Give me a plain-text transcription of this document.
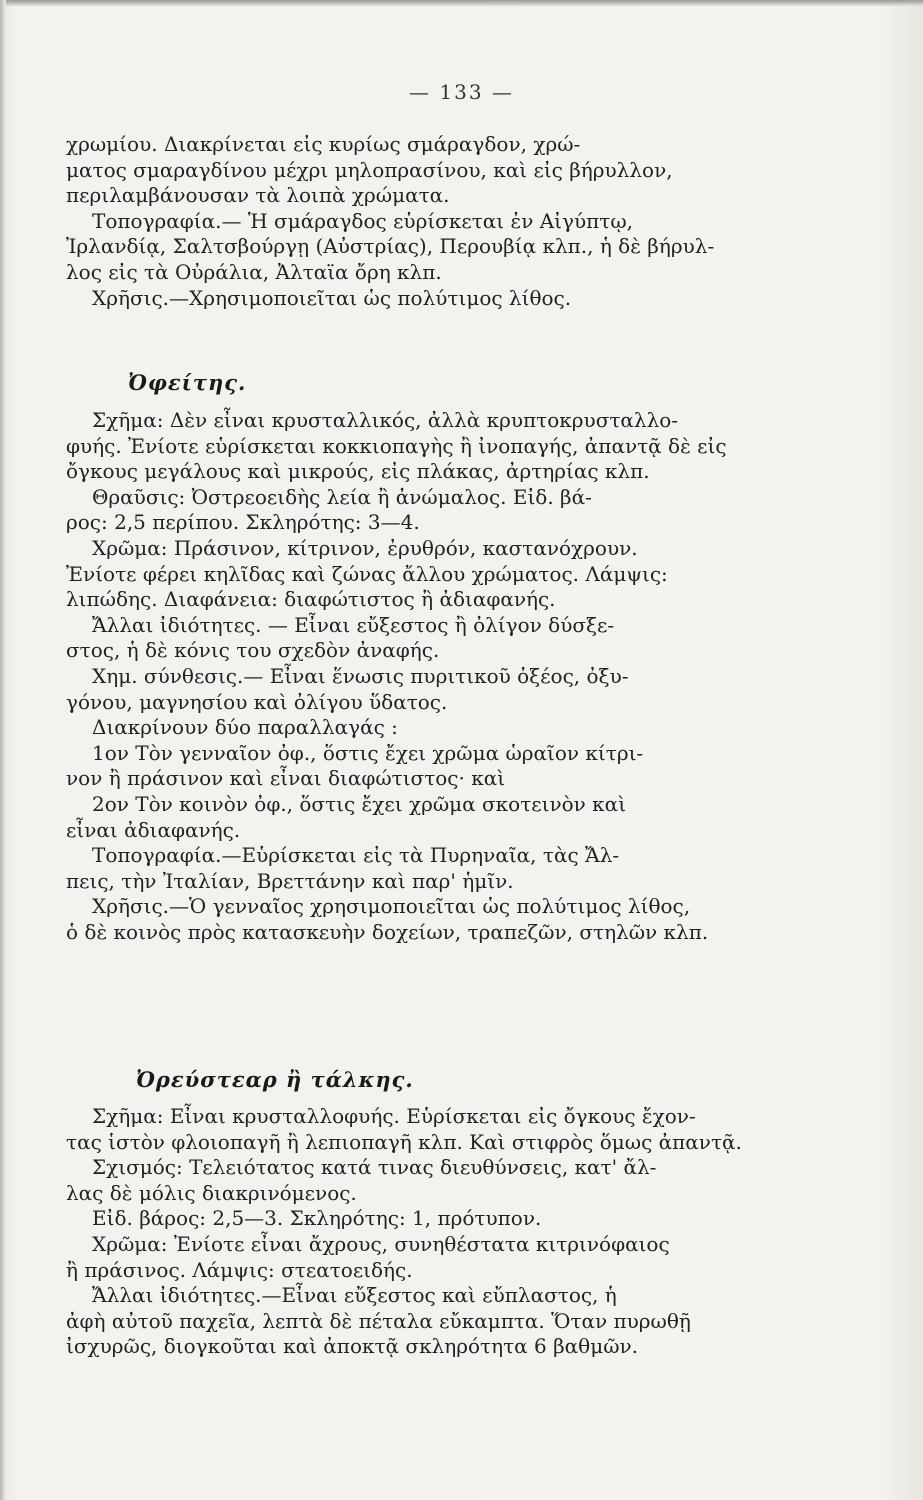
— 133 —

χρωμίου. Διακρίνεται εἰς κυρίως σμάραγδον, χρώ-

ματος σμαραγδίνου μέχρι μηλοπρασίνου, καὶ εἰς βήρυλλον,

περιλαμβάνουσαν τὰ λοιπὰ χρώματα.

Τοπογραφία.— Ἡ σμάραγδος εὑρίσκεται ἐν Αἰγύπτῳ,

Ἰρλανδίᾳ, Σαλτσβούργῃ (Αὐστρίας), Περουβίᾳ κλπ., ἡ δὲ βήρυλ-

λος εἰς τὰ Οὐράλια, Ἀλταϊα ὄρη κλπ.

Χρῆσις.—Χρησιμοποιεῖται ὡς πολύτιμος λίθος.

Ὀφείτης.

Σχῆμα: Δὲν εἶναι κρυσταλλικός, ἀλλὰ κρυπτοκρυσταλλο-

φυής. Ἐνίοτε εὑρίσκεται κοκκιοπαγὴς ἢ ἰνοπαγής, ἀπαντᾷ δὲ εἰς

ὄγκους μεγάλους καὶ μικρούς, εἰς πλάκας, ἀρτηρίας κλπ.

Θραῦσις: Ὀστρεοειδὴς λεία ἢ ἀνώμαλος. Εἰδ. βά-

ρος: 2,5 περίπου. Σκληρότης: 3—4.

Χρῶμα: Πράσινον, κίτρινον, ἐρυθρόν, καστανόχρουν.

Ἐνίοτε φέρει κηλῖδας καὶ ζώνας ἄλλου χρώματος. Λάμψις:

λιπώδης. Διαφάνεια: διαφώτιστος ἢ ἀδιαφανής.

Ἄλλαι ἰδιότητες. — Εἶναι εὔξεστος ἢ ὀλίγον δύσξε-

στος, ἡ δὲ κόνις του σχεδὸν ἀναφής.

Χημ. σύνθεσις.— Εἶναι ἕνωσις πυριτικοῦ ὀξέος, ὀξυ-

γόνου, μαγνησίου καὶ ὀλίγου ὕδατος.

Διακρίνουν δύο παραλλαγάς :

1ον Τὸν γενναῖον ὀφ., ὅστις ἔχει χρῶμα ὡραῖον κίτρι-

νον ἢ πράσινον καὶ εἶναι διαφώτιστος· καὶ

2ον Τὸν κοινὸν ὀφ., ὅστις ἔχει χρῶμα σκοτεινὸν καὶ

εἶναι ἀδιαφανής.

Τοπογραφία.—Εὑρίσκεται εἰς τὰ Πυρηναῖα, τὰς Ἄλ-

πεις, τὴν Ἰταλίαν, Βρεττάνην καὶ παρ' ἡμῖν.

Χρῆσις.—Ὁ γενναῖος χρησιμοποιεῖται ὡς πολύτιμος λίθος,

ὁ δὲ κοινὸς πρὸς κατασκευὴν δοχείων, τραπεζῶν, στηλῶν κλπ.

Ὀρεύστεαρ ἢ τάλκης.

Σχῆμα: Εἶναι κρυσταλλοφυής. Εὑρίσκεται εἰς ὄγκους ἔχον-

τας ἱστὸν φλοιοπαγῆ ἢ λεπιοπαγῆ κλπ. Καὶ στιφρὸς ὅμως ἀπαντᾷ.

Σχισμός: Τελειότατος κατά τινας διευθύνσεις, κατ' ἄλ-

λας δὲ μόλις διακρινόμενος.

Εἰδ. βάρος: 2,5—3. Σκληρότης: 1, πρότυπον.

Χρῶμα: Ἐνίοτε εἶναι ἄχρους, συνηθέστατα κιτρινόφαιος

ἢ πράσινος. Λάμψις: στεατοειδής.

Ἄλλαι ἰδιότητες.—Εἶναι εὔξεστος καὶ εὔπλαστος, ἡ

ἀφὴ αὐτοῦ παχεῖα, λεπτὰ δὲ πέταλα εὔκαμπτα. Ὅταν πυρωθῇ

ἰσχυρῶς, διογκοῦται καὶ ἀποκτᾷ σκληρότητα 6 βαθμῶν.
